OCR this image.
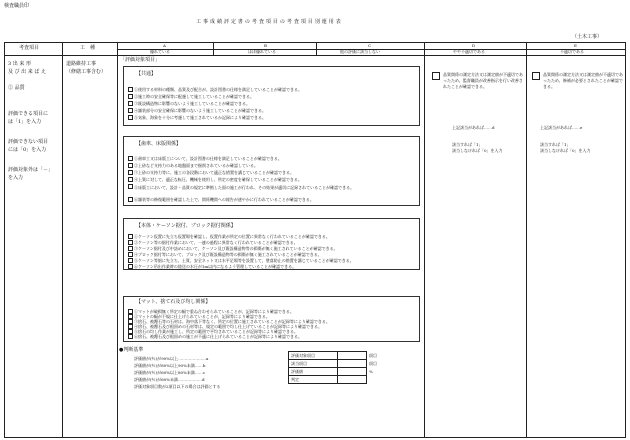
検査職員印
工 事 成 績 評 定 書 の 考 査 項 目 の 考 査 項 目 別 運 用 表
（土木工事）
考査項目	工　種	A
優れている
B
ほぼ優れている
C
他の評価に該当しない
D
やや不適切である
E
不適切である
3 出 来 形
及 び 出 来 ば え
② 品質
評価できる項目に
は「1」を入力
評価できない項目
には「0」を入力
評価対象外は「－」
を入力
道路維持工事
（修繕工事含む）
「評価対象項目」
【共通】
①使用する材料の種類、品質及び配合が、設計図書の仕様を満足していることが確認できる。
②施工時の安全確保等に配慮して施工していることが確認できる。
③既設構造物に影響のないよう施工していることが確認できる。
④舗装部分の安全確保に影響のないよう施工していることが確認できる。
⑤気象、海象を十分に考慮して施工されているか記録により確認できる。
【歯車、床版関係】
①歯車工又は床版工について、設計図書の仕様を満足していることが確認できる。
②上砂など支持力のある地盤面まで掘削されているか確認している。
③上砂の支持力等に、施工の各段階において適正な措置を講じていることが確認できる。
④上質に対して、適正な転圧、機械を使用し、所定の密度を確保していることが確認できる。
⑤床版工において、設計・品質の規定に準拠した面の施工が行われ、その結果が適切に記録されていることが確認できる。
⑥舗装等の修復範囲を確認した上で、関係機関への報告が速やかに行われていることが確認できる。
【本体・ケーソン据付、ブロック据付関係】
①ケーソン仮置に先立ち仮置場を確認し、仮置作業が所定の位置に異常なく行われていることが確認できる。
②ケーソン等の据付作業において、一連の過程に異常なく行われていることが確認できる。
③ケーソン据付及び中詰めにおいて、ケーソン及び既設構造物等の損傷が無く施工されていることが確認できる。
④ブロック据付等において、ブロック及び既設構造物等の損傷が無く施工されていることが確認できる。
⑤ケーソン等据に先立ち、土質、安全ネット又は水平足場等を設置して、墜落防止の措置を講じていることが確認できる。
⑥ケーソン吊出作業時の陸送の水圧が1m以内になるよう管理していることが確認できる。
【マット、捨て石及び均し関係】
①マットが破損無く所定の幅で重ね合わせられていることが、記録等により確認できる。
②マットの幅が不規に仕上げられていることが、記録等により確認できる。
③捨石、被覆石等の石材は、海中落下等なく、所定の位置に施工されていることが記録等により確認できる。
④捨石、被覆石及び根固めの石材等は、規定の範囲で均し仕上げていることが記録等により確認できる。
⑤捨石の均し作業が施工し、所定の範囲で平均されていることが記録等により確認できる。
⑥捨石、被覆石及び根固めの施工が不適に仕上げられていることが記録等により確認できる。
●判断基準
評価値が(％)が90%以上…………………a
評価値が(％)が80%以上90%未満……b
評価値が(％)が60%以上80%未満……c
評価値が(％)が60%未満………………d
評価対象項目数が2項目以下の場合は評価とする
評価対象項目		項目
該当項目		項目
評価値		%
判定		
品質関係の測定方法又は測定値が不適切であったため、監督職員が改善指示を行い改善されたことが確認できる。
上記該当があれば……d
該当すれば「1」
該当しなければ「0」を入力
品質関係の測定方法又は測定値が不適切であったため、修補が必要とされたことが確認できる。
上記該当があれば……e
該当すれば「1」
該当しなければ「0」を入力
